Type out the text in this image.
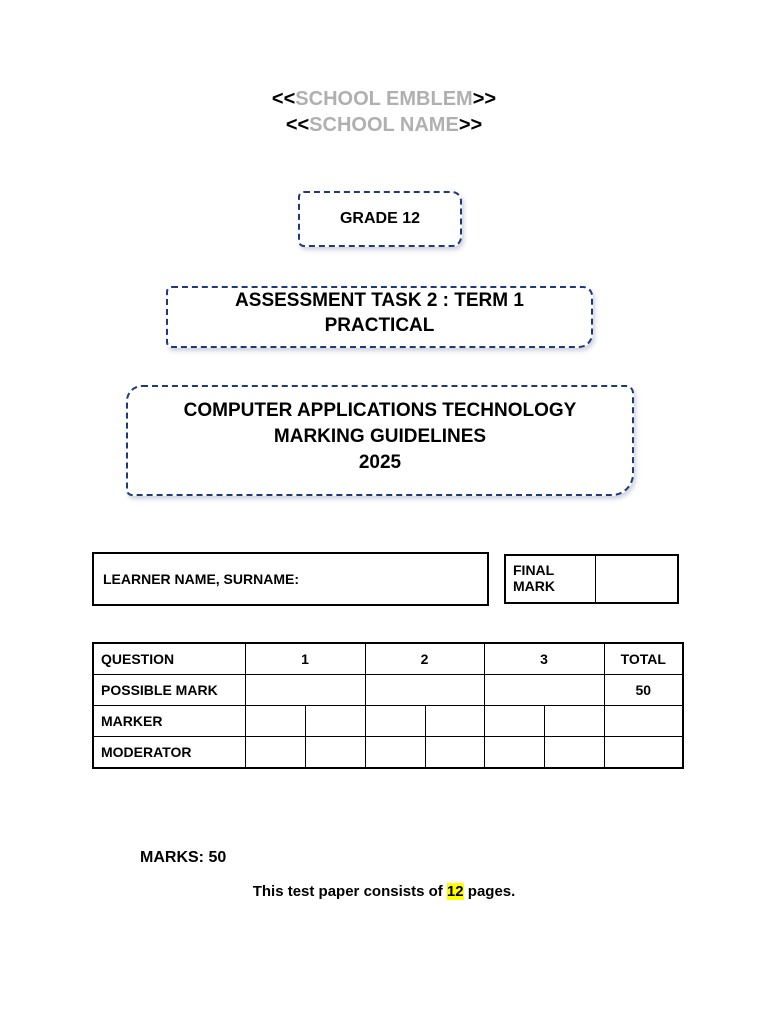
<<SCHOOL EMBLEM>>
<<SCHOOL NAME>>
GRADE 12
ASSESSMENT TASK 2 : TERM 1
PRACTICAL
COMPUTER APPLICATIONS TECHNOLOGY
MARKING GUIDELINES
2025
LEARNER NAME, SURNAME:
FINAL
MARK
QUESTION	1		2		3		TOTAL
POSSIBLE MARK							50
MARKER							
MODERATOR							
MARKS: 50
This test paper consists of 12 pages.
